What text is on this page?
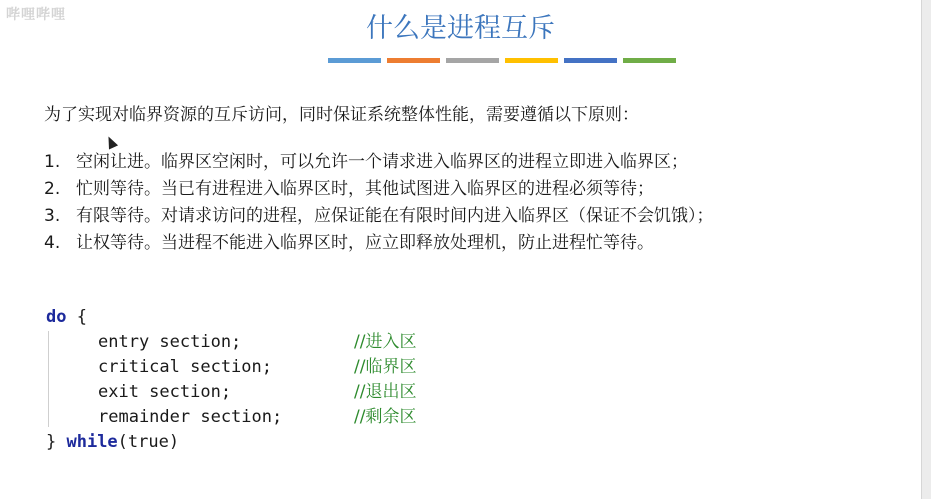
哔哩哔哩	什么是进程互斥
为了实现对临界资源的互斥访问，同时保证系统整体性能，需要遵循以下原则：
1. 空闲让进。临界区空闲时，可以允许一个请求进入临界区的进程立即进入临界区；
2. 忙则等待。当已有进程进入临界区时，其他试图进入临界区的进程必须等待；
3. 有限等待。对请求访问的进程，应保证能在有限时间内进入临界区（保证不会饥饿）；
4. 让权等待。当进程不能进入临界区时，应立即释放处理机，防止进程忙等待。
do {
entry section;	//进入区
critical section;	//临界区
exit section;	//退出区
remainder section;	//剩余区
} while (true)
